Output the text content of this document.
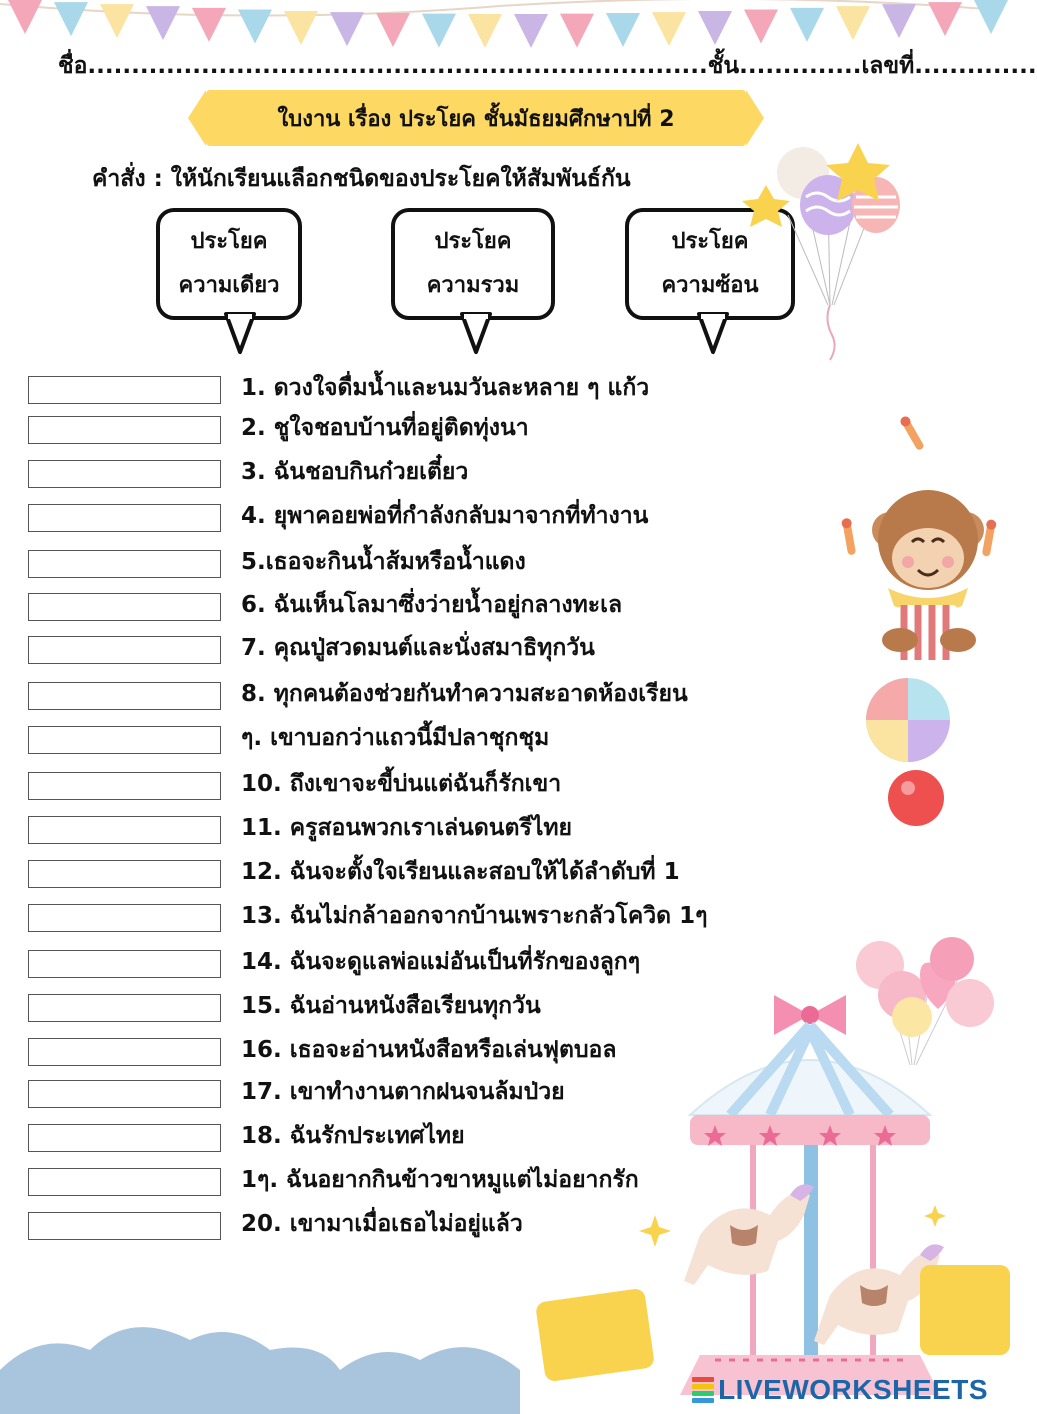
ชื่อ.......................................................................ชั้น..............เลขที่..............
ใบงาน เรื่อง ประโยค ชั้นมัธยมศึกษาปที่ 2
คำสั่ง : ให้นักเรียนแลือกชนิดของประโยคให้สัมพันธ์กัน
ประโยค
ความเดียว
ประโยค
ความรวม
ประโยค
ความซ้อน
1. ดวงใจดื่มน้ำและนมวันละหลาย ๆ แก้ว
2. ชูใจชอบบ้านที่อยู่ติดทุ่งนา
3. ฉันชอบกินก๋วยเตี๋ยว
4. ยุพาคอยพ่อที่กำลังกลับมาจากที่ทำงาน
5.เธอจะกินน้ำส้มหรือน้ำแดง
6. ฉันเห็นโลมาซึ่งว่ายน้ำอยู่กลางทะเล
7. คุณปู่สวดมนต์และนั่งสมาธิทุกวัน
8. ทุกคนต้องช่วยกันทำความสะอาดห้องเรียน
ๆ. เขาบอกว่าแถวนี้มีปลาชุกชุม
10. ถึงเขาจะขี้บ่นแต่ฉันก็รักเขา
11. ครูสอนพวกเราเล่นดนตรีไทย
12. ฉันจะตั้งใจเรียนและสอบให้ได้ลำดับที่ 1
13. ฉันไม่กล้าออกจากบ้านเพราะกลัวโควิด 1ๆ
14. ฉันจะดูแลพ่อแม่อันเป็นที่รักของลูกๆ
15. ฉันอ่านหนังสือเรียนทุกวัน
16. เธอจะอ่านหนังสือหรือเล่นฟุตบอล
17. เขาทำงานตากฝนจนล้มป่วย
18. ฉันรักประเทศไทย
1ๆ. ฉันอยากกินข้าวขาหมูแต่ไม่อยากรัก
20. เขามาเมื่อเธอไม่อยู่แล้ว
LIVEWORKSHEETS
